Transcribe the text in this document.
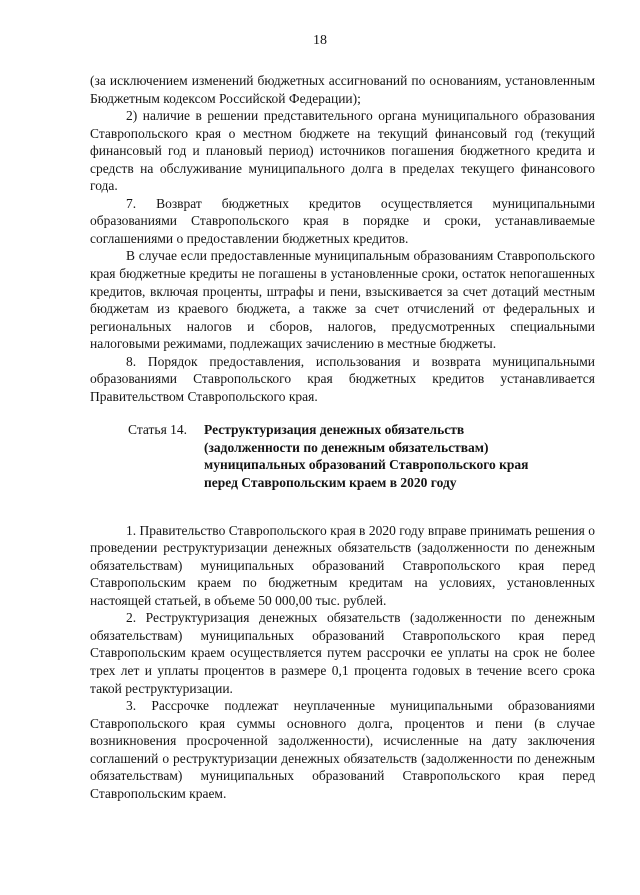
18

(за исключением изменений бюджетных ассигнований по основаниям, установленным Бюджетным кодексом Российской Федерации);

2) наличие в решении представительного органа муниципального образования Ставропольского края о местном бюджете на текущий финансовый год (текущий финансовый год и плановый период) источников погашения бюджетного кредита и средств на обслуживание муниципального долга в пределах текущего финансового года.

7. Возврат бюджетных кредитов осуществляется муниципальными образованиями Ставропольского края в порядке и сроки, устанавливаемые соглашениями о предоставлении бюджетных кредитов.

В случае если предоставленные муниципальным образованиям Ставропольского края бюджетные кредиты не погашены в установленные сроки, остаток непогашенных кредитов, включая проценты, штрафы и пени, взыскивается за счет дотаций местным бюджетам из краевого бюджета, а также за счет отчислений от федеральных и региональных налогов и сборов, налогов, предусмотренных специальными налоговыми режимами, подлежащих зачислению в местные бюджеты.

8. Порядок предоставления, использования и возврата муниципальными образованиями Ставропольского края бюджетных кредитов устанавливается Правительством Ставропольского края.

Статья 14.	Реструктуризация денежных обязательств
(задолженности по денежным обязательствам)
муниципальных образований Ставропольского края
перед Ставропольским краем в 2020 году

1. Правительство Ставропольского края в 2020 году вправе принимать решения о проведении реструктуризации денежных обязательств (задолженности по денежным обязательствам) муниципальных образований Ставропольского края перед Ставропольским краем по бюджетным кредитам на условиях, установленных настоящей статьей, в объеме 50 000,00 тыс. рублей.

2. Реструктуризация денежных обязательств (задолженности по денежным обязательствам) муниципальных образований Ставропольского края перед Ставропольским краем осуществляется путем рассрочки ее уплаты на срок не более трех лет и уплаты процентов в размере 0,1 процента годовых в течение всего срока такой реструктуризации.

3. Рассрочке подлежат неуплаченные муниципальными образованиями Ставропольского края суммы основного долга, процентов и пени (в случае возникновения просроченной задолженности), исчисленные на дату заключения соглашений о реструктуризации денежных обязательств (задолженности по денежным обязательствам) муниципальных образований Ставропольского края перед Ставропольским краем.
